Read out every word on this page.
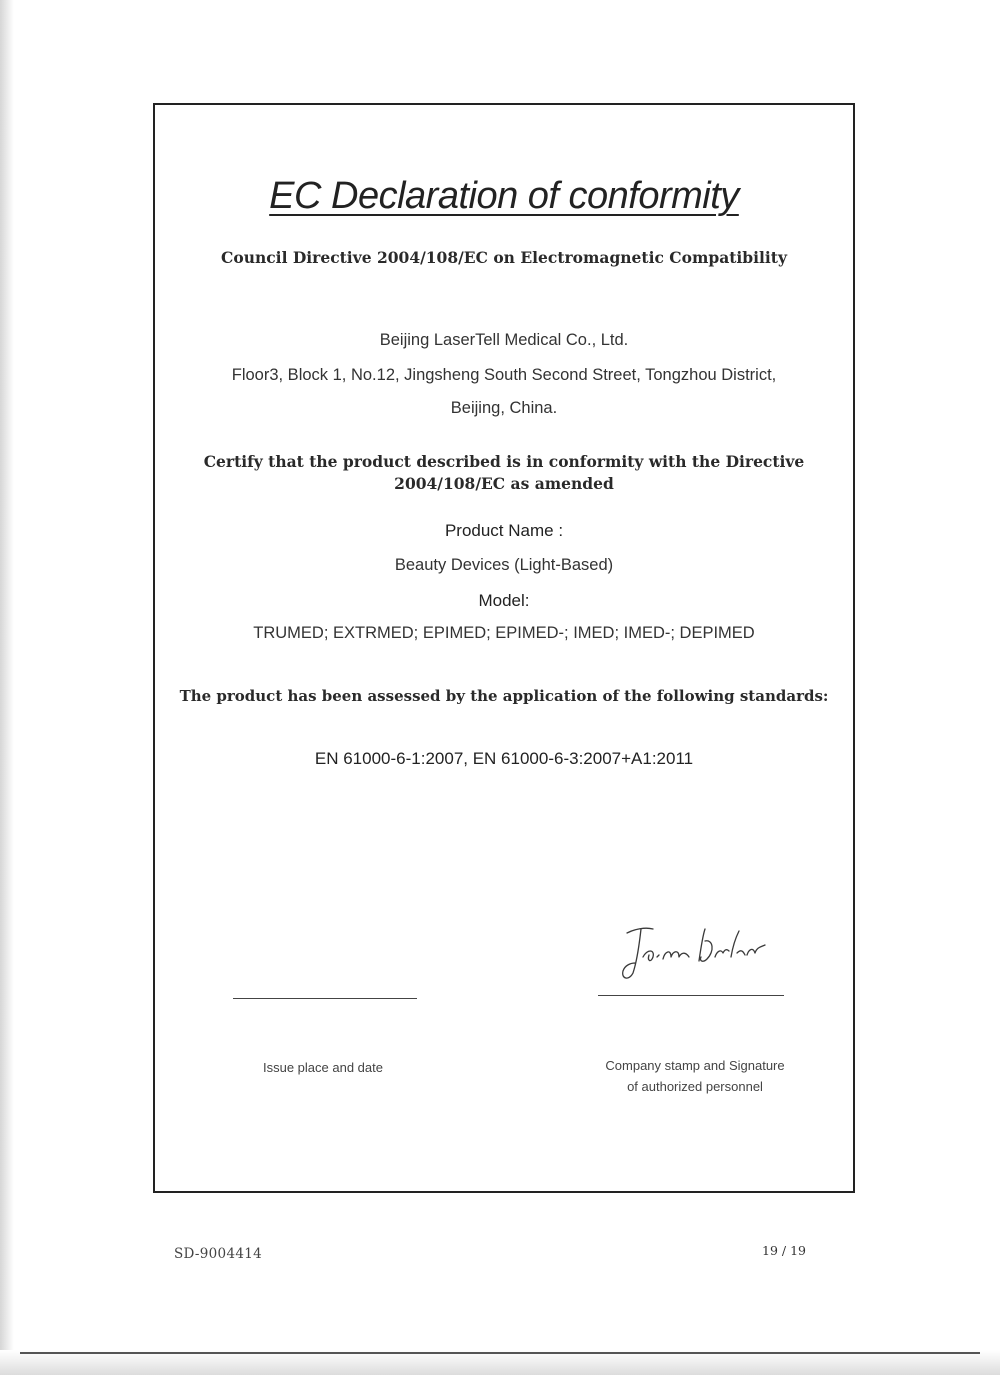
EC Declaration of conformity
Council Directive 2004/108/EC on Electromagnetic Compatibility
Beijing LaserTell Medical Co., Ltd.
Floor3, Block 1, No.12, Jingsheng South Second Street, Tongzhou District,
Beijing, China.
Certify that the product described is in conformity with the Directive
2004/108/EC as amended
Product Name :
Beauty Devices (Light-Based)
Model:
TRUMED; EXTRMED; EPIMED; EPIMED-; IMED; IMED-; DEPIMED
The product has been assessed by the application of the following standards:
EN 61000-6-1:2007, EN 61000-6-3:2007+A1:2011
Issue place and date	Company stamp and Signature
of authorized personnel
SD-9004414	19 / 19
